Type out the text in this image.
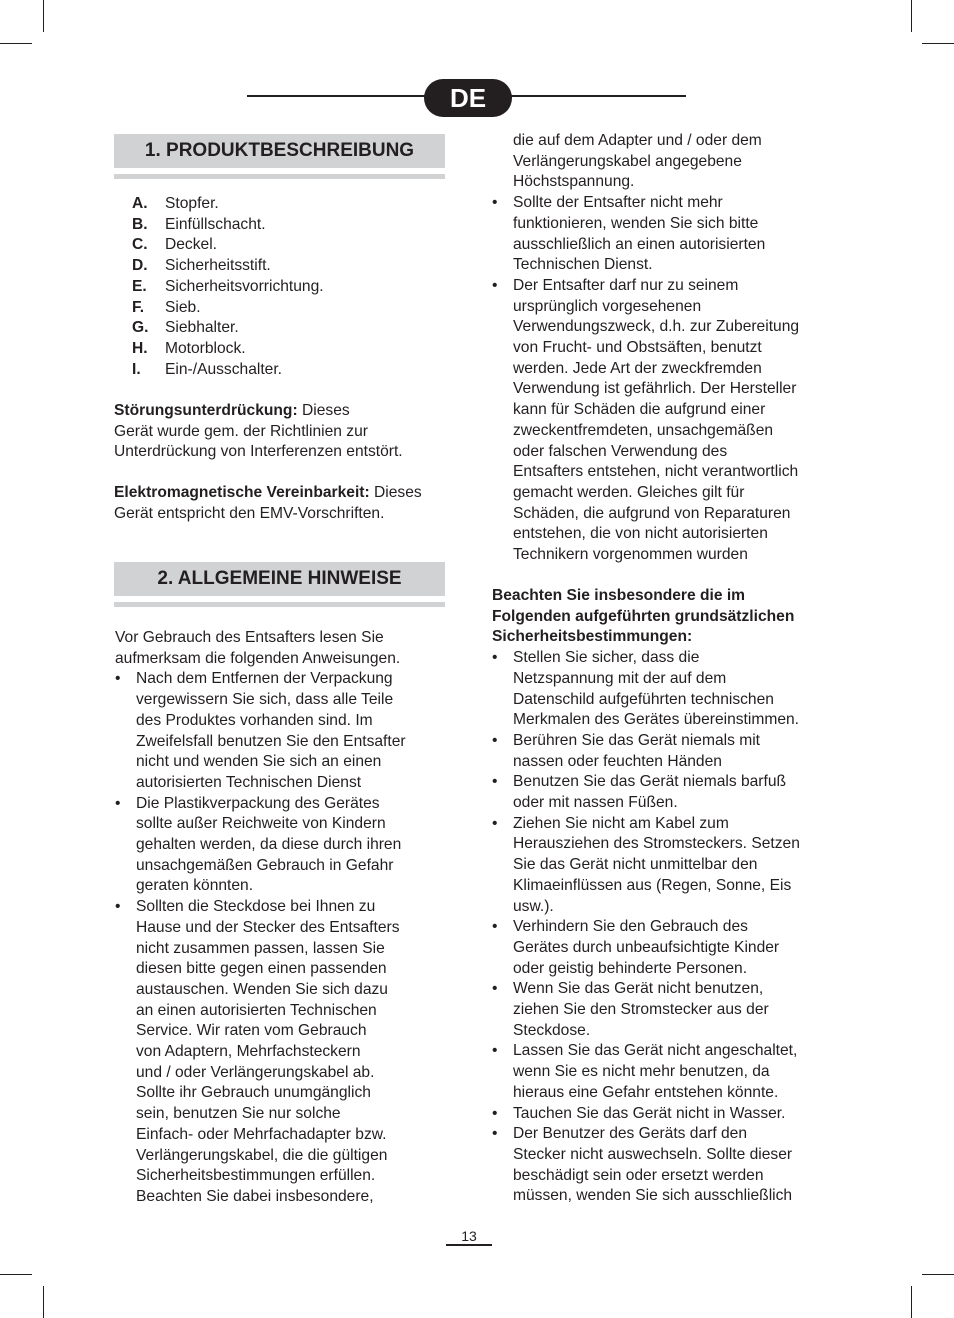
DE
1. PRODUKTBESCHREIBUNG
A.	Stopfer.
B.	Einfüllschacht.
C.	Deckel.
D.	Sicherheitsstift.
E.	Sicherheitsvorrichtung.
F.	Sieb.
G.	Siebhalter.
H.	Motorblock.
I.	Ein-/Ausschalter.

Störungsunterdrückung: Dieses

Gerät wurde gem. der Richtlinien zur

Unterdrückung von Interferenzen entstört.

Elektromagnetische Vereinbarkeit: Dieses

Gerät entspricht den EMV-Vorschriften.

2. ALLGEMEINE HINWEISE

Vor Gebrauch des Entsafters lesen Sie

aufmerksam die folgenden Anweisungen.

• Nach dem Entfernen der Verpackung

vergewissern Sie sich, dass alle Teile

des Produktes vorhanden sind. Im

Zweifelsfall benutzen Sie den Entsafter

nicht und wenden Sie sich an einen

autorisierten Technischen Dienst

• Die Plastikverpackung des Gerätes

sollte außer Reichweite von Kindern

gehalten werden, da diese durch ihren

unsachgemäßen Gebrauch in Gefahr

geraten könnten.

• Sollten die Steckdose bei Ihnen zu

Hause und der Stecker des Entsafters

nicht zusammen passen, lassen Sie

diesen bitte gegen einen passenden

austauschen. Wenden Sie sich dazu

an einen autorisierten Technischen

Service. Wir raten vom Gebrauch

von Adaptern, Mehrfachsteckern

und / oder Verlängerungskabel ab.

Sollte ihr Gebrauch unumgänglich

sein, benutzen Sie nur solche

Einfach- oder Mehrfachadapter bzw.

Verlängerungskabel, die die gültigen

Sicherheitsbestimmungen erfüllen.

Beachten Sie dabei insbesondere,

die auf dem Adapter und / oder dem

Verlängerungskabel angegebene

Höchstspannung.

• Sollte der Entsafter nicht mehr

funktionieren, wenden Sie sich bitte

ausschließlich an einen autorisierten

Technischen Dienst.

• Der Entsafter darf nur zu seinem

ursprünglich vorgesehenen

Verwendungszweck, d.h. zur Zubereitung

von Frucht- und Obstsäften, benutzt

werden. Jede Art der zweckfremden

Verwendung ist gefährlich. Der Hersteller

kann für Schäden die aufgrund einer

zweckentfremdeten, unsachgemäßen

oder falschen Verwendung des

Entsafters entstehen, nicht verantwortlich

gemacht werden. Gleiches gilt für

Schäden, die aufgrund von Reparaturen

entstehen, die von nicht autorisierten

Technikern vorgenommen wurden

Beachten Sie insbesondere die im

Folgenden aufgeführten grundsätzlichen

Sicherheitsbestimmungen:

• Stellen Sie sicher, dass die

Netzspannung mit der auf dem

Datenschild aufgeführten technischen

Merkmalen des Gerätes übereinstimmen.

• Berühren Sie das Gerät niemals mit

nassen oder feuchten Händen

• Benutzen Sie das Gerät niemals barfuß

oder mit nassen Füßen.

• Ziehen Sie nicht am Kabel zum

Herausziehen des Stromsteckers. Setzen

Sie das Gerät nicht unmittelbar den

Klimaeinflüssen aus (Regen, Sonne, Eis

usw.).

• Verhindern Sie den Gebrauch des

Gerätes durch unbeaufsichtigte Kinder

oder geistig behinderte Personen.

• Wenn Sie das Gerät nicht benutzen,

ziehen Sie den Stromstecker aus der

Steckdose.

• Lassen Sie das Gerät nicht angeschaltet,

wenn Sie es nicht mehr benutzen, da

hieraus eine Gefahr entstehen könnte.

• Tauchen Sie das Gerät nicht in Wasser.

• Der Benutzer des Geräts darf den

Stecker nicht auswechseln. Sollte dieser

beschädigt sein oder ersetzt werden

müssen, wenden Sie sich ausschließlich

13
